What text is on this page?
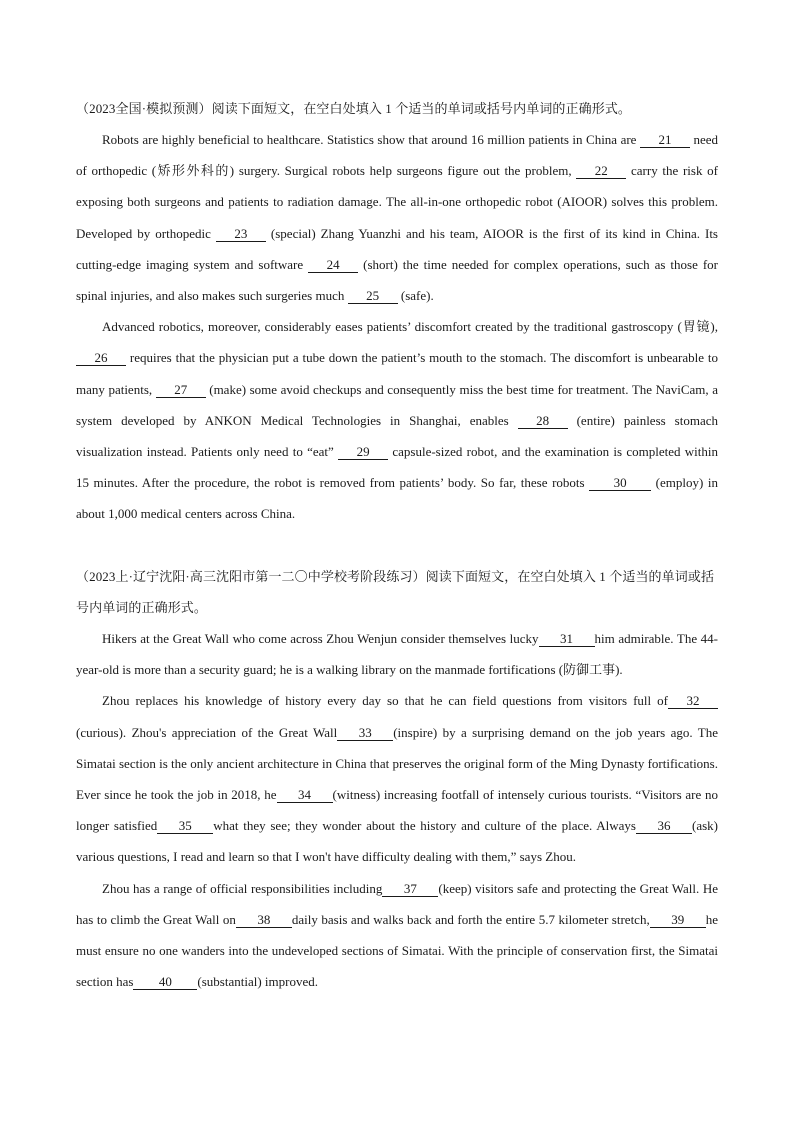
（2023全国·模拟预测）阅读下面短文，在空白处填入 1 个适当的单词或括号内单词的正确形式。

Robots are highly beneficial to healthcare. Statistics show that around 16 million patients in China are 21 need of orthopedic (矫形外科的) surgery. Surgical robots help surgeons figure out the problem, 22 carry the risk of exposing both surgeons and patients to radiation damage. The all-in-one orthopedic robot (AIOOR) solves this problem. Developed by orthopedic 23 (special) Zhang Yuanzhi and his team, AIOOR is the first of its kind in China. Its cutting-edge imaging system and software 24 (short) the time needed for complex operations, such as those for spinal injuries, and also makes such surgeries much 25 (safe).

Advanced robotics, moreover, considerably eases patients’ discomfort created by the traditional gastroscopy (胃镜), 26 requires that the physician put a tube down the patient’s mouth to the stomach. The discomfort is unbearable to many patients, 27 (make) some avoid checkups and consequently miss the best time for treatment. The NaviCam, a system developed by ANKON Medical Technologies in Shanghai, enables 28 (entire) painless stomach visualization instead. Patients only need to “eat” 29 capsule-sized robot, and the examination is completed within 15 minutes. After the procedure, the robot is removed from patients’ body. So far, these robots 30 (employ) in about 1,000 medical centers across China.

（2023上·辽宁沈阳·高三沈阳市第一二〇中学校考阶段练习）阅读下面短文，在空白处填入 1 个适当的单词或括号内单词的正确形式。

Hikers at the Great Wall who come across Zhou Wenjun consider themselves lucky 31 him admirable. The 44-year-old is more than a security guard; he is a walking library on the manmade fortifications (防御工事).

Zhou replaces his knowledge of history every day so that he can field questions from visitors full of 32(curious). Zhou's appreciation of the Great Wall 33 (inspire) by a surprising demand on the job years ago. The Simatai section is the only ancient architecture in China that preserves the original form of the Ming Dynasty fortifications. Ever since he took the job in 2018, he 34 (witness) increasing footfall of intensely curious tourists. “Visitors are no longer satisfied 35 what they see; they wonder about the history and culture of the place. Always 36 (ask) various questions, I read and learn so that I won't have difficulty dealing with them,” says Zhou.

Zhou has a range of official responsibilities including 37 (keep) visitors safe and protecting the Great Wall. He has to climb the Great Wall on 38 daily basis and walks back and forth the entire 5.7 kilometer stretch, 39 he must ensure no one wanders into the undeveloped sections of Simatai. With the principle of conservation first, the Simatai section has 40 (substantial) improved.
